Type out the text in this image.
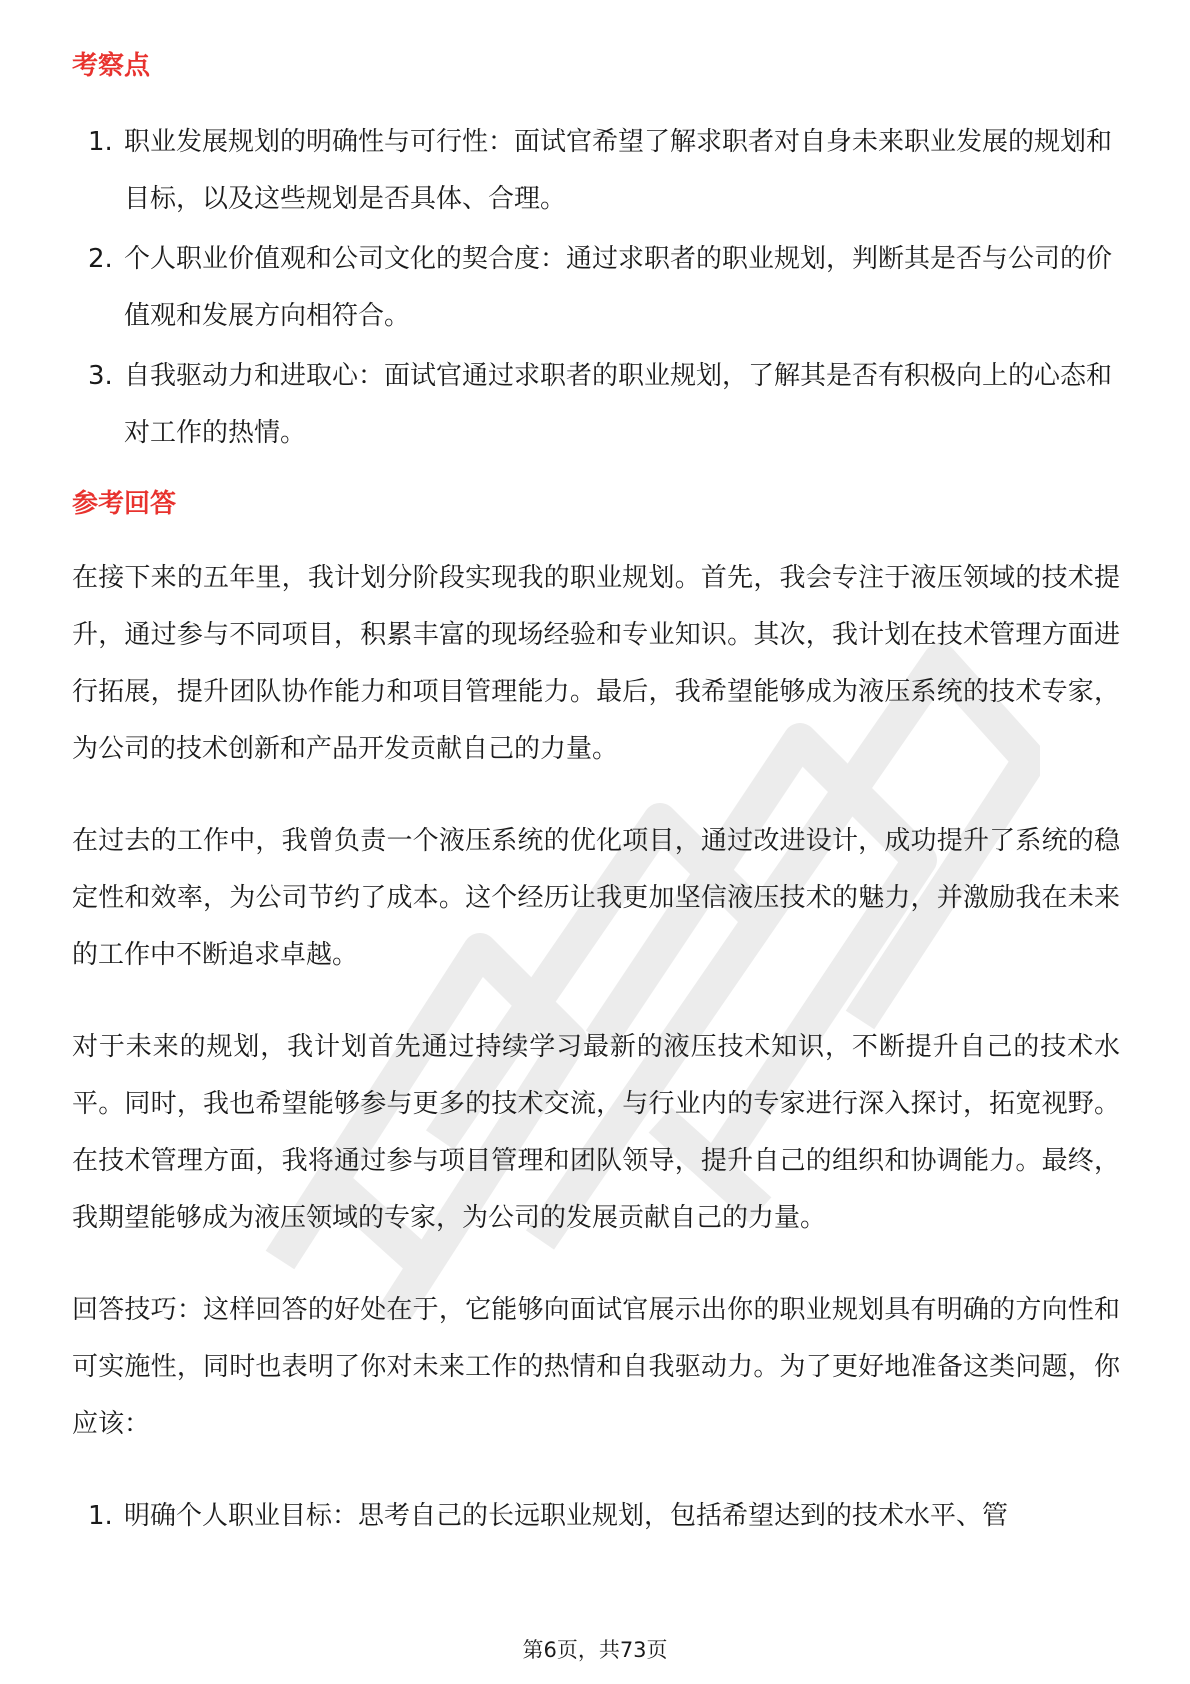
考察点
1. 职业发展规划的明确性与可行性：面试官希望了解求职者对自身未来职业发展的规划和目标，以及这些规划是否具体、合理。
2. 个人职业价值观和公司文化的契合度：通过求职者的职业规划，判断其是否与公司的价值观和发展方向相符合。
3. 自我驱动力和进取心：面试官通过求职者的职业规划，了解其是否有积极向上的心态和对工作的热情。
参考回答

在接下来的五年里，我计划分阶段实现我的职业规划。首先，我会专注于液压领域的技术提升，通过参与不同项目，积累丰富的现场经验和专业知识。其次，我计划在技术管理方面进行拓展，提升团队协作能力和项目管理能力。最后，我希望能够成为液压系统的技术专家，为公司的技术创新和产品开发贡献自己的力量。

在过去的工作中，我曾负责一个液压系统的优化项目，通过改进设计，成功提升了系统的稳定性和效率，为公司节约了成本。这个经历让我更加坚信液压技术的魅力，并激励我在未来的工作中不断追求卓越。

对于未来的规划，我计划首先通过持续学习最新的液压技术知识，不断提升自己的技术水平。同时，我也希望能够参与更多的技术交流，与行业内的专家进行深入探讨，拓宽视野。在技术管理方面，我将通过参与项目管理和团队领导，提升自己的组织和协调能力。最终，我期望能够成为液压领域的专家，为公司的发展贡献自己的力量。

回答技巧：这样回答的好处在于，它能够向面试官展示出你的职业规划具有明确的方向性和可实施性，同时也表明了你对未来工作的热情和自我驱动力。为了更好地准备这类问题，你应该：

1. 明确个人职业目标：思考自己的长远职业规划，包括希望达到的技术水平、管
第6页，共73页
